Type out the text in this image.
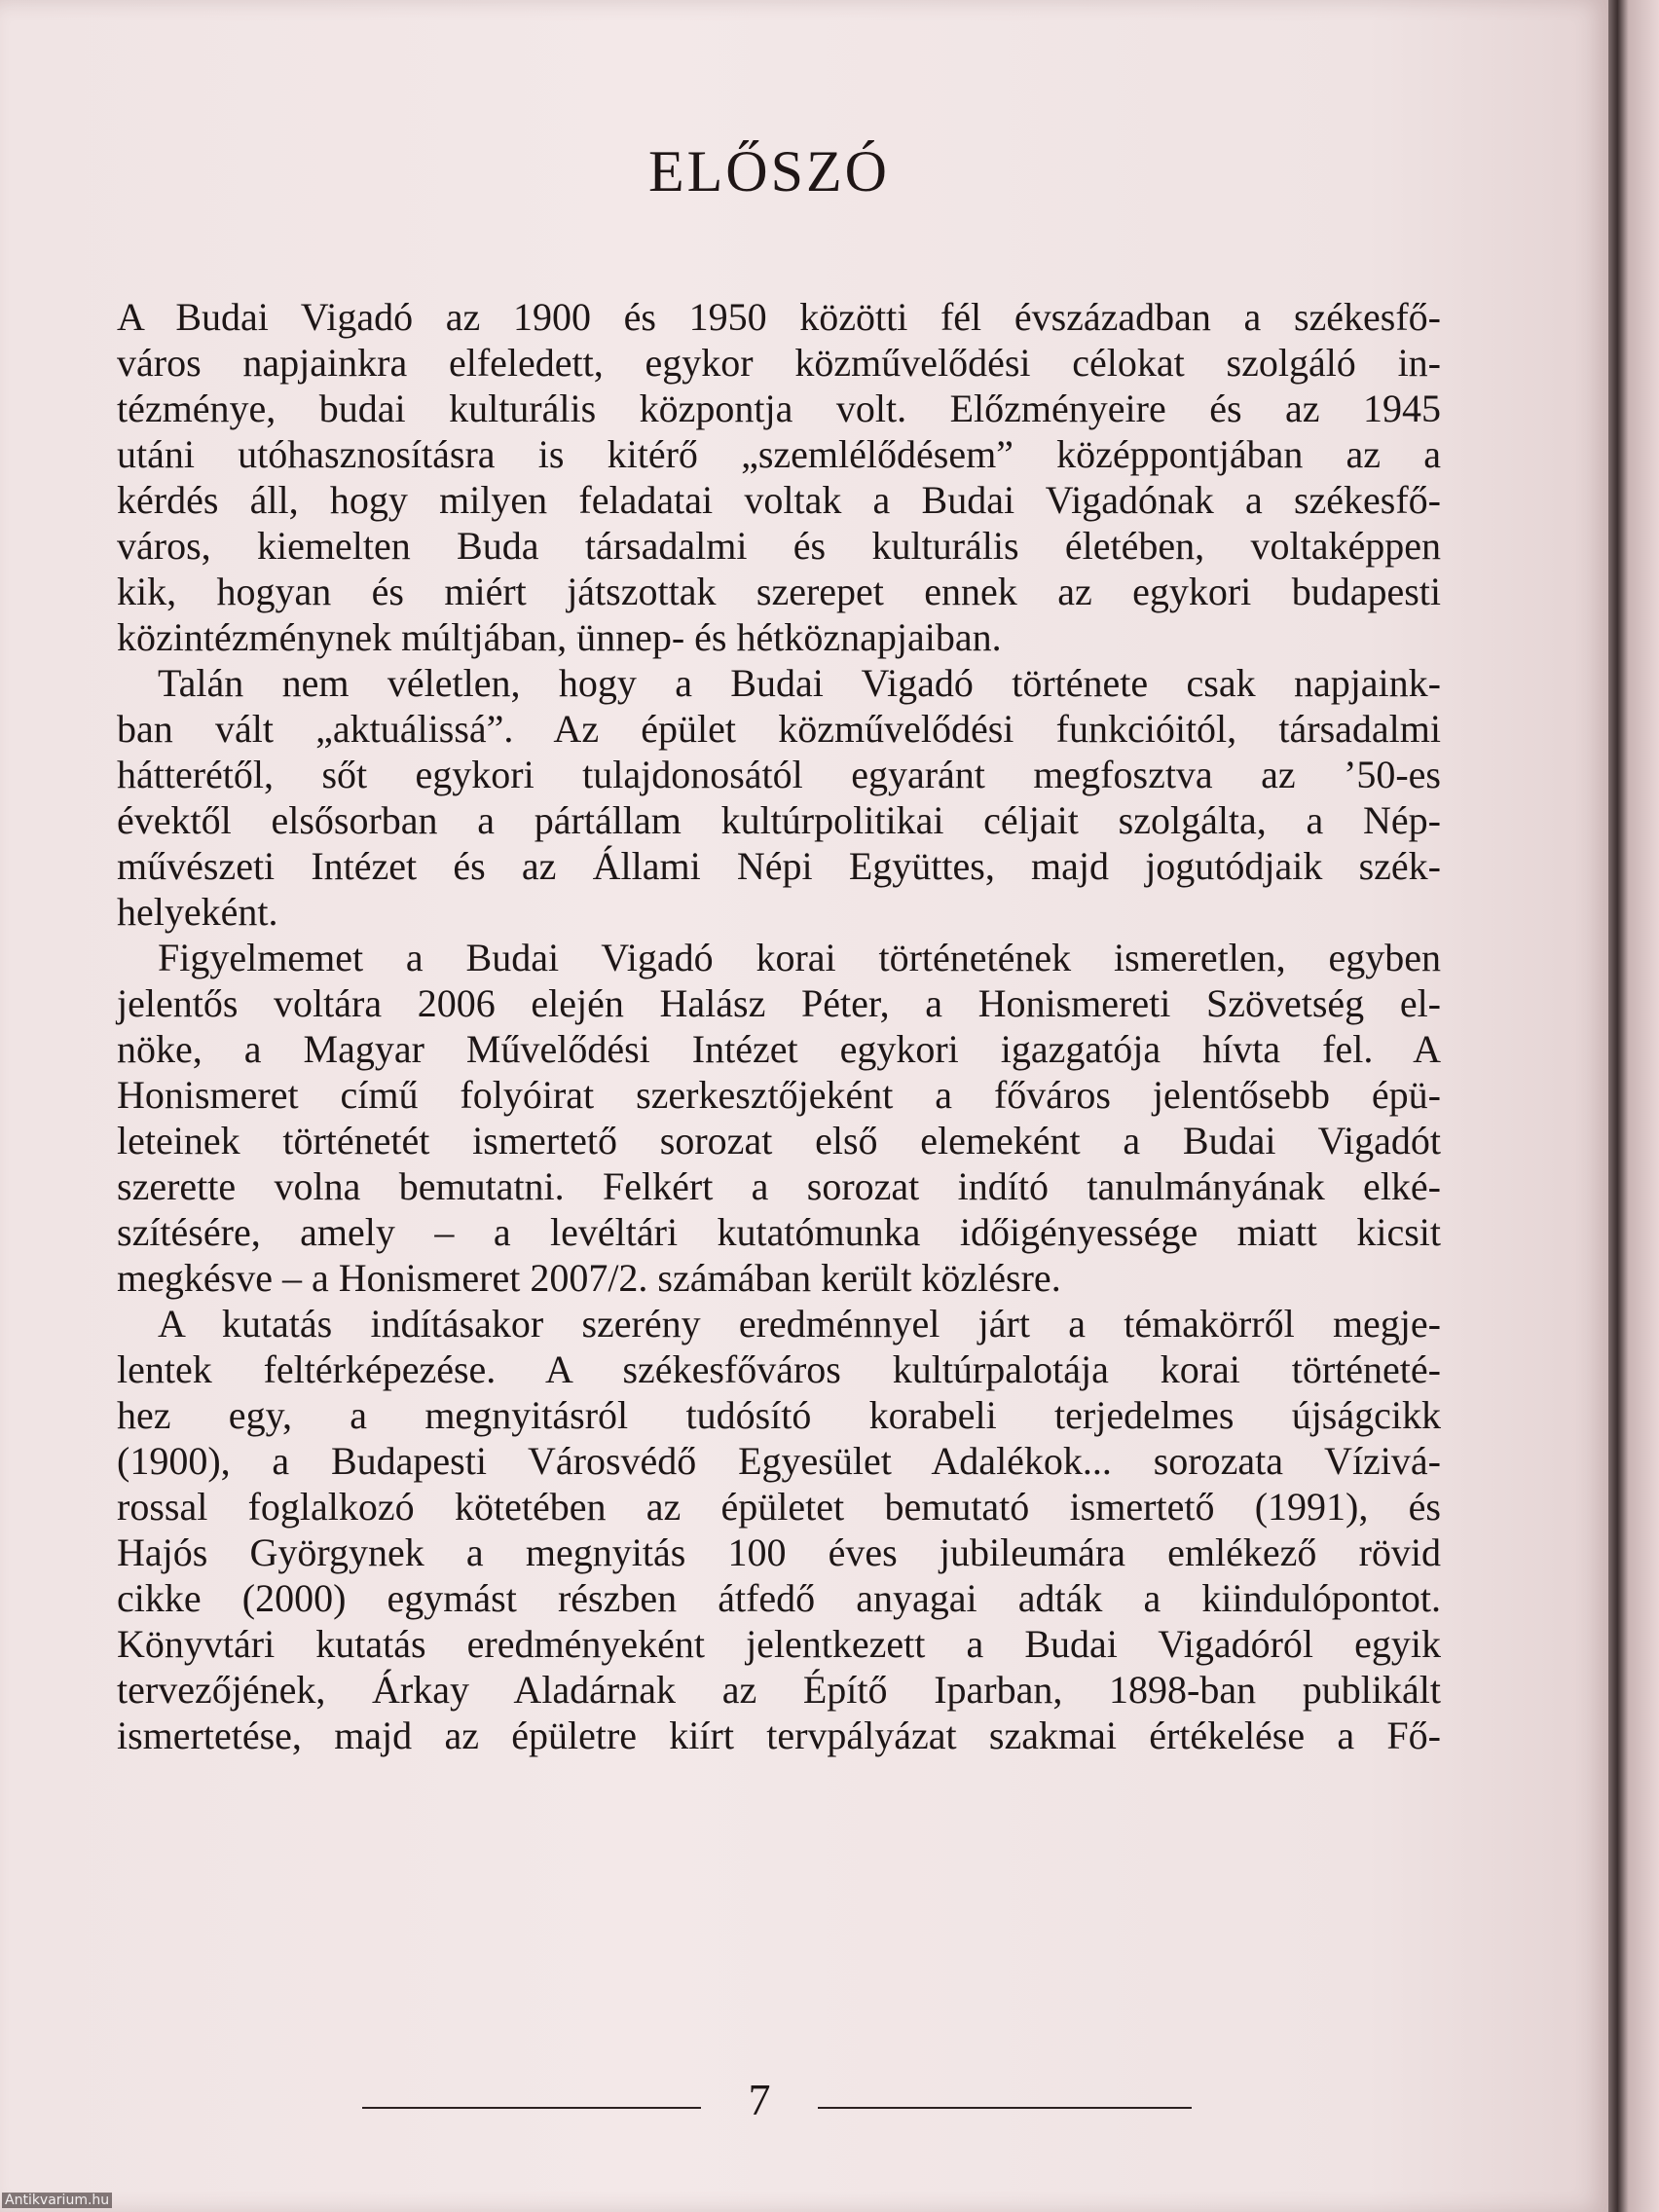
ELŐSZÓ
A Budai Vigadó az 1900 és 1950 közötti fél évszázadban a székesfő-
város napjainkra elfeledett, egykor közművelődési célokat szolgáló in-
tézménye, budai kulturális központja volt. Előzményeire és az 1945
utáni utóhasznosításra is kitérő „szemlélődésem” középpontjában az a
kérdés áll, hogy milyen feladatai voltak a Budai Vigadónak a székesfő-
város, kiemelten Buda társadalmi és kulturális életében, voltaképpen
kik, hogyan és miért játszottak szerepet ennek az egykori budapesti
közintézménynek múltjában, ünnep- és hétköznapjaiban.
Talán nem véletlen, hogy a Budai Vigadó története csak napjaink-
ban vált „aktuálissá”. Az épület közművelődési funkcióitól, társadalmi
hátterétől, sőt egykori tulajdonosától egyaránt megfosztva az ’50-es
évektől elsősorban a pártállam kultúrpolitikai céljait szolgálta, a Nép-
művészeti Intézet és az Állami Népi Együttes, majd jogutódjaik szék-
helyeként.
Figyelmemet a Budai Vigadó korai történetének ismeretlen, egyben
jelentős voltára 2006 elején Halász Péter, a Honismereti Szövetség el-
nöke, a Magyar Művelődési Intézet egykori igazgatója hívta fel. A
Honismeret című folyóirat szerkesztőjeként a főváros jelentősebb épü-
leteinek történetét ismertető sorozat első elemeként a Budai Vigadót
szerette volna bemutatni. Felkért a sorozat indító tanulmányának elké-
szítésére, amely – a levéltári kutatómunka időigényessége miatt kicsit
megkésve – a Honismeret 2007/2. számában került közlésre.
A kutatás indításakor szerény eredménnyel járt a témakörről megje-
lentek feltérképezése. A székesfőváros kultúrpalotája korai történeté-
hez egy, a megnyitásról tudósító korabeli terjedelmes újságcikk
(1900), a Budapesti Városvédő Egyesület Adalékok... sorozata Vízivá-
rossal foglalkozó kötetében az épületet bemutató ismertető (1991), és
Hajós Györgynek a megnyitás 100 éves jubileumára emlékező rövid
cikke (2000) egymást részben átfedő anyagai adták a kiindulópontot.
Könyvtári kutatás eredményeként jelentkezett a Budai Vigadóról egyik
tervezőjének, Árkay Aladárnak az Építő Iparban, 1898-ban publikált
ismertetése, majd az épületre kiírt tervpályázat szakmai értékelése a Fő-
7
Antikvarium.hu
